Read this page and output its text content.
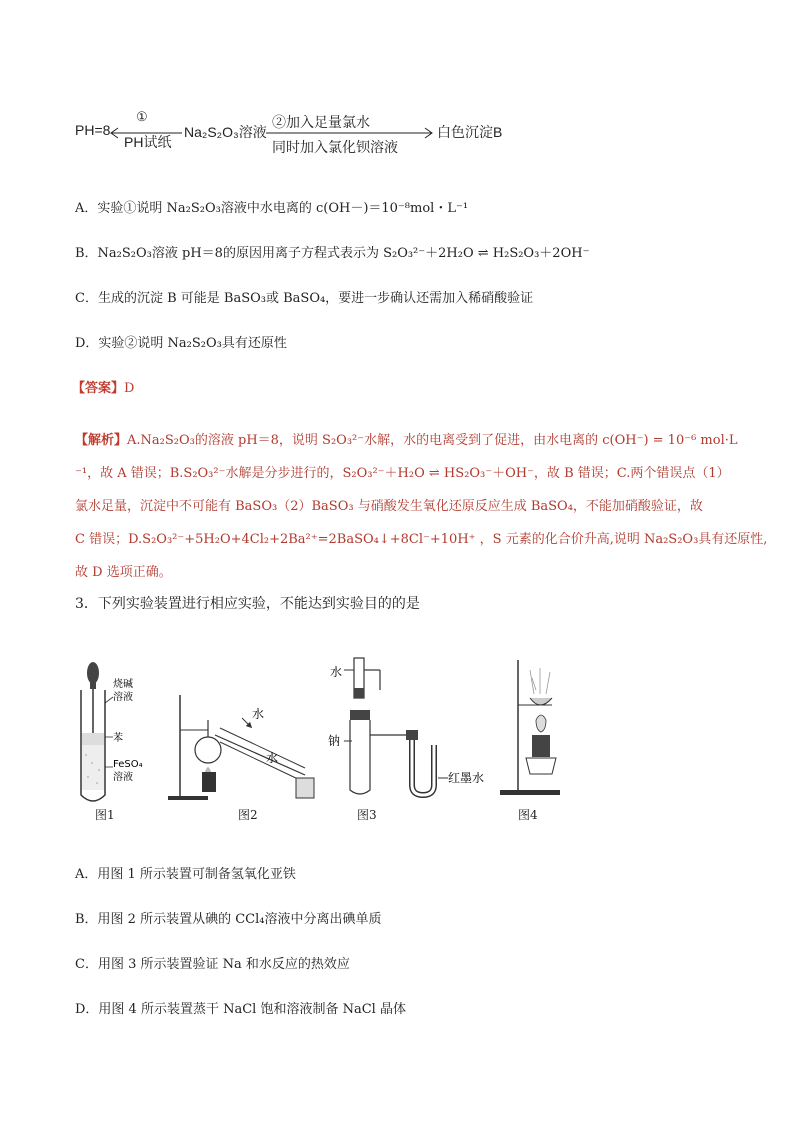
PH=8
①
PH试纸
Na₂S₂O₃溶液
②加入足量氯水
同时加入氯化钡溶液
白色沉淀B
A．实验①说明 Na₂S₂O₃溶液中水电离的 c(OH－)＝10⁻⁸mol・L⁻¹
B．Na₂S₂O₃溶液 pH＝8的原因用离子方程式表示为 S₂O₃²⁻＋2H₂O ⇌ H₂S₂O₃＋2OH⁻
C．生成的沉淀 B 可能是 BaSO₃或 BaSO₄，要进一步确认还需加入稀硝酸验证
D．实验②说明 Na₂S₂O₃具有还原性
【答案】D
【解析】A.Na₂S₂O₃的溶液 pH＝8，说明 S₂O₃²⁻水解，水的电离受到了促进，由水电离的 c(OH⁻) = 10⁻⁶ mol·L
⁻¹，故 A 错误；B.S₂O₃²⁻水解是分步进行的，S₂O₃²⁻＋H₂O ⇌ HS₂O₃⁻＋OH⁻，故 B 错误；C.两个错误点（1）
氯水足量，沉淀中不可能有 BaSO₃（2）BaSO₃ 与硝酸发生氧化还原反应生成 BaSO₄，不能加硝酸验证，故
C 错误；D.S₂O₃²⁻+5H₂O+4Cl₂+2Ba²⁺=2BaSO₄↓+8Cl⁻+10H⁺ ，S 元素的化合价升高,说明 Na₂S₂O₃具有还原性,
故 D 选项正确。
3．下列实验装置进行相应实验，不能达到实验目的的是
烧碱
溶液
苯
FeSO₄
溶液
图1
水
水
图2
水
钠
红墨水
图3	图4
A．用图 1 所示装置可制备氢氧化亚铁
B．用图 2 所示装置从碘的 CCl₄溶液中分离出碘单质
C．用图 3 所示装置验证 Na 和水反应的热效应
D．用图 4 所示装置蒸干 NaCl 饱和溶液制备 NaCl 晶体
